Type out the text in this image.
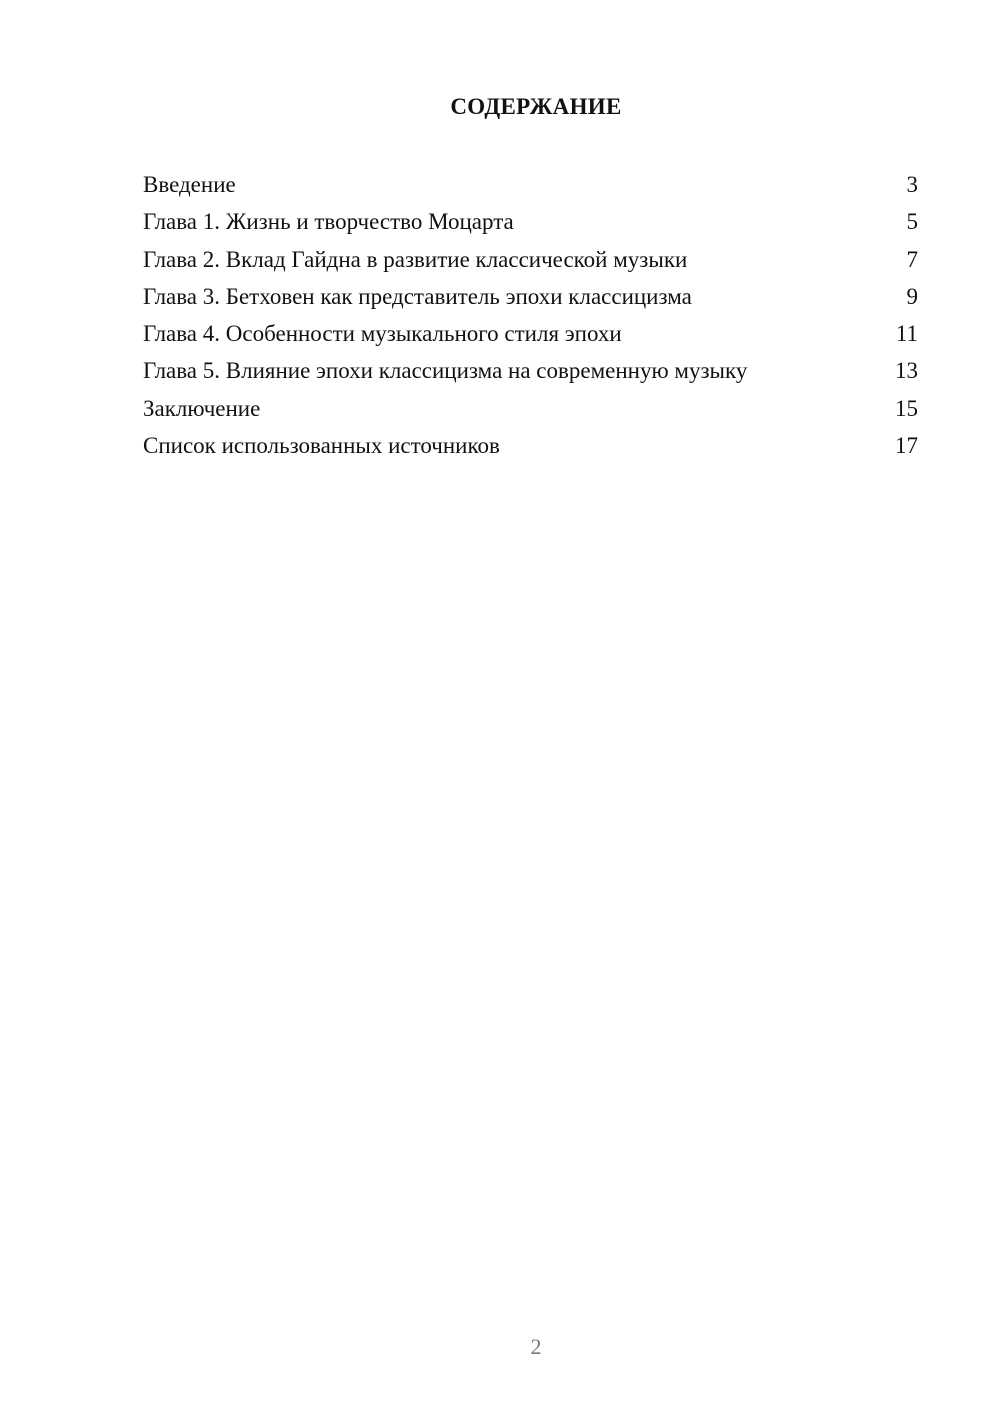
СОДЕРЖАНИЕ
Введение	3
Глава 1. Жизнь и творчество Моцарта	5
Глава 2. Вклад Гайдна в развитие классической музыки	7
Глава 3. Бетховен как представитель эпохи классицизма	9
Глава 4. Особенности музыкального стиля эпохи	11
Глава 5. Влияние эпохи классицизма на современную музыку	13
Заключение	15
Список использованных источников	17
2
